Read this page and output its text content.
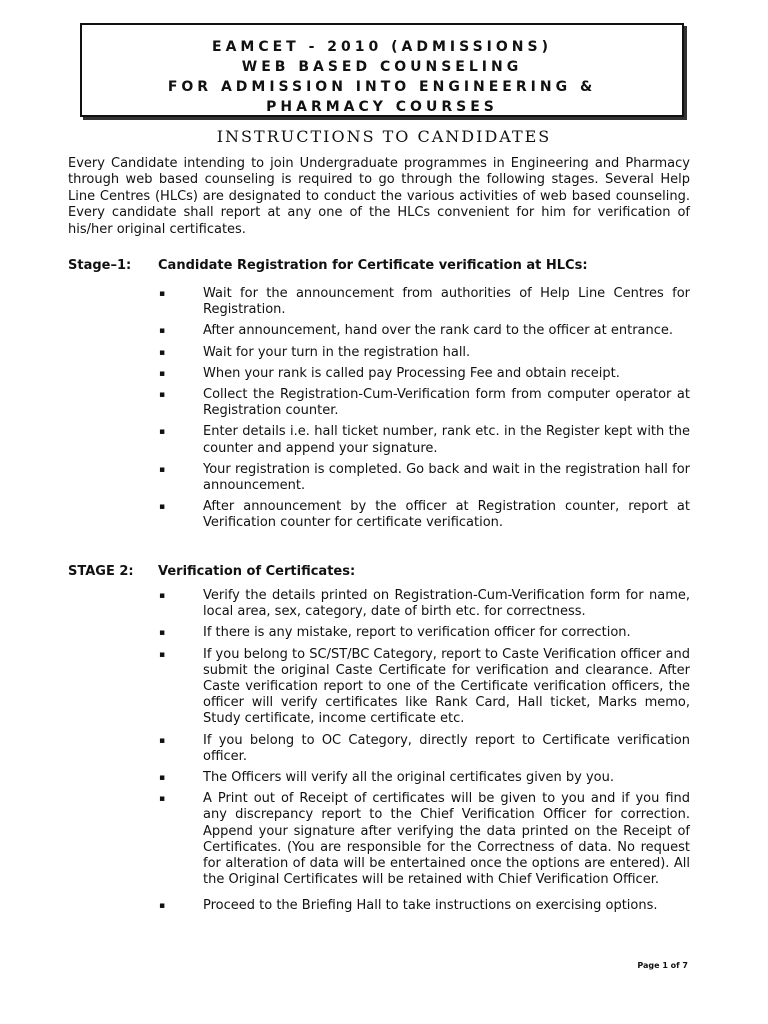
EAMCET - 2010 (ADMISSIONS)
WEB BASED COUNSELING
FOR ADMISSION INTO ENGINEERING &
PHARMACY COURSES
INSTRUCTIONS TO CANDIDATES

Every Candidate intending to join Undergraduate programmes in Engineering and Pharmacy through web based counseling is required to go through the following stages. Several Help Line Centres (HLCs) are designated to conduct the various activities of web based counseling. Every candidate shall report at any one of the HLCs convenient for him for verification of his/her original certificates.

Stage–1: Candidate Registration for Certificate verification at HLCs:
▪	Wait for the announcement from authorities of Help Line Centres for Registration.
▪	After announcement, hand over the rank card to the officer at entrance.
▪	Wait for your turn in the registration hall.
▪	When your rank is called pay Processing Fee and obtain receipt.
▪	Collect the Registration-Cum-Verification form from computer operator at Registration counter.
▪	Enter details i.e. hall ticket number, rank etc. in the Register kept with the counter and append your signature.
▪	Your registration is completed. Go back and wait in the registration hall for announcement.
▪	After announcement by the officer at Registration counter, report at Verification counter for certificate verification.
STAGE 2: Verification of Certificates:
▪	Verify the details printed on Registration-Cum-Verification form for name, local area, sex, category, date of birth etc. for correctness.
▪	If there is any mistake, report to verification officer for correction.
▪	If you belong to SC/ST/BC Category, report to Caste Verification officer and submit the original Caste Certificate for verification and clearance. After Caste verification report to one of the Certificate verification officers, the officer will verify certificates like Rank Card, Hall ticket, Marks memo, Study certificate, income certificate etc.
▪	If you belong to OC Category, directly report to Certificate verification officer.
▪	The Officers will verify all the original certificates given by you.
▪	A Print out of Receipt of certificates will be given to you and if you find any discrepancy report to the Chief Verification Officer for correction. Append your signature after verifying the data printed on the Receipt of Certificates. (You are responsible for the Correctness of data. No request for alteration of data will be entertained once the options are entered). All the Original Certificates will be retained with Chief Verification Officer.
▪	Proceed to the Briefing Hall to take instructions on exercising options.
Page 1 of 7
